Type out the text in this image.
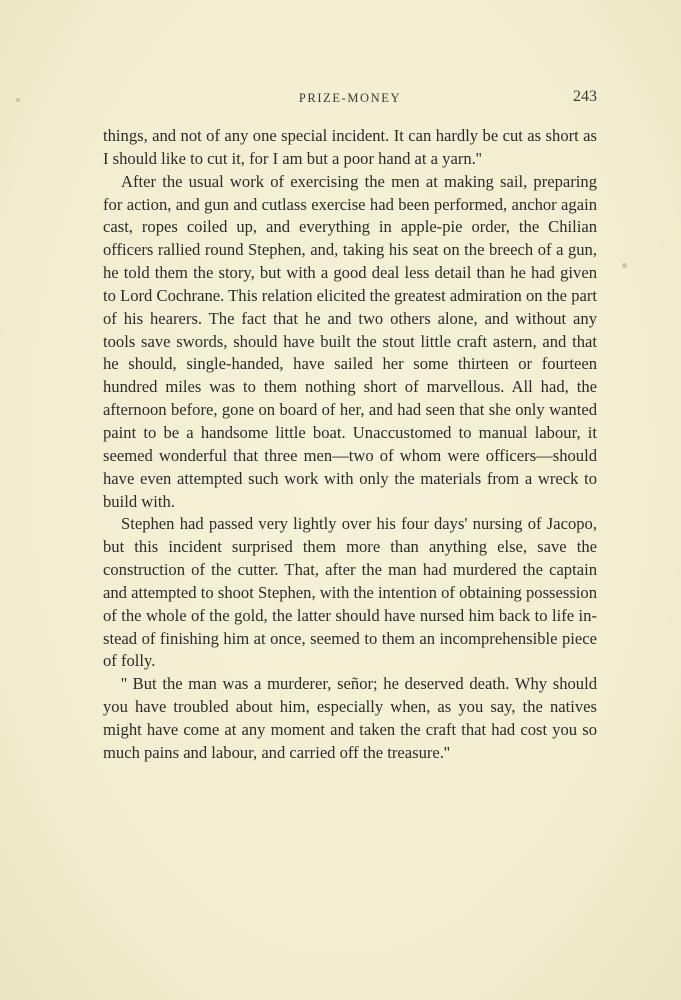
PRIZE-MONEY	243

things, and not of any one special incident. It can hardly be cut as short as I should like to cut it, for I am but a poor hand at a yarn.''

After the usual work of exercising the men at making sail, preparing for action, and gun and cutlass exercise had been performed, anchor again cast, ropes coiled up, and everything in apple-pie order, the Chilian officers rallied round Stephen, and, taking his seat on the breech of a gun, he told them the story, but with a good deal less detail than he had given to Lord Cochrane. This relation elicited the greatest admiration on the part of his hearers. The fact that he and two others alone, and without any tools save swords, should have built the stout little craft astern, and that he should, single-handed, have sailed her some thirteen or fourteen hundred miles was to them nothing short of marvellous. All had, the afternoon before, gone on board of her, and had seen that she only wanted paint to be a handsome little boat. Unaccustomed to manual labour, it seemed wonderful that three men—two of whom were officers—should have even attempted such work with only the materials from a wreck to build with.

Stephen had passed very lightly over his four days' nursing of Jacopo, but this incident surprised them more than anything else, save the construction of the cutter. That, after the man had murdered the captain and attempted to shoot Stephen, with the intention of obtaining possession of the whole of the gold, the latter should have nursed him back to life instead of finishing him at once, seemed to them an incomprehensible piece of folly.

'' But the man was a murderer, señor; he deserved death. Why should you have troubled about him, especially when, as you say, the natives might have come at any moment and taken the craft that had cost you so much pains and labour, and carried off the treasure.''
